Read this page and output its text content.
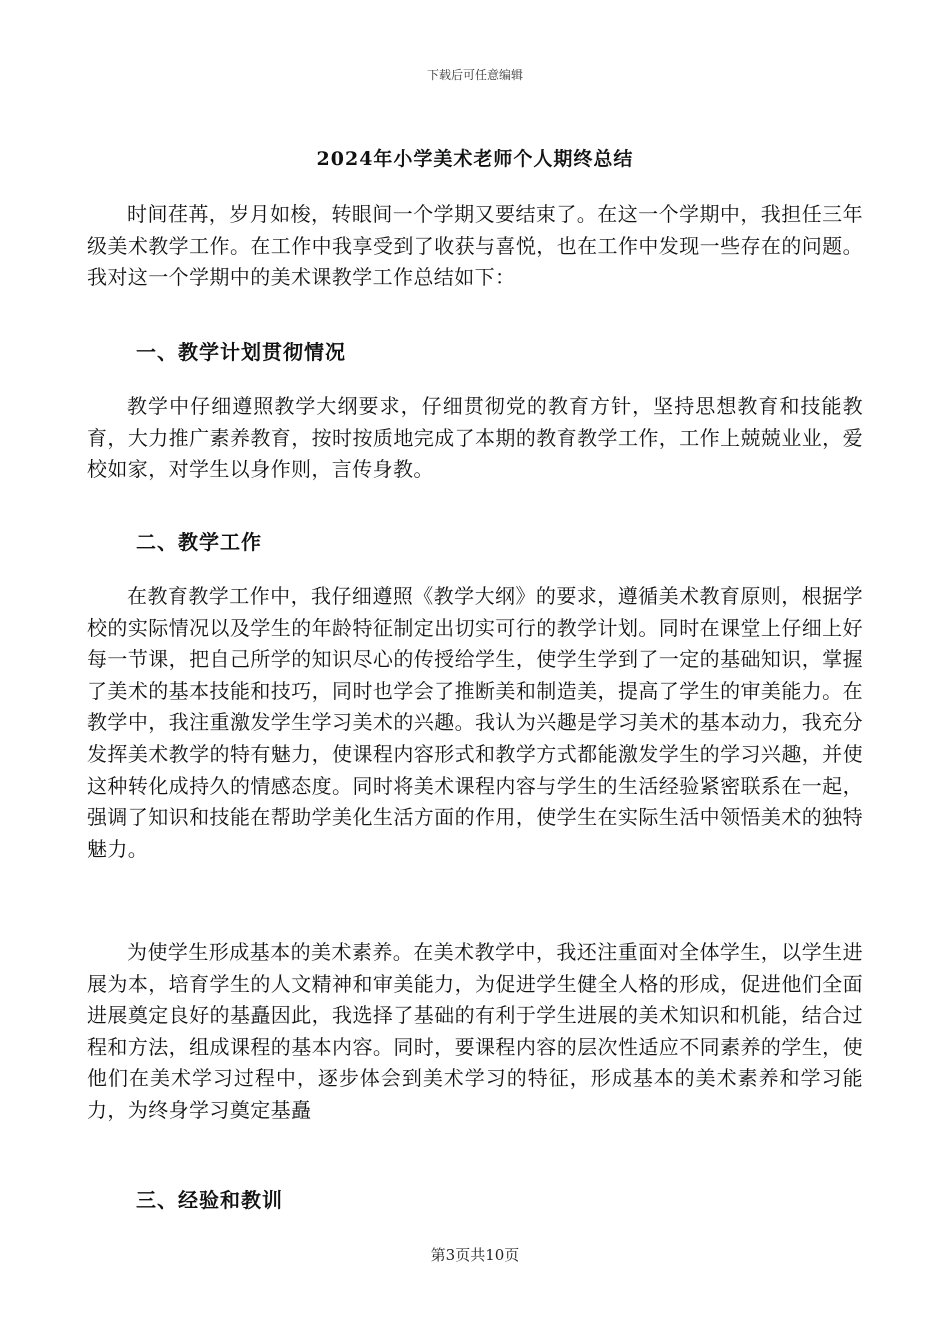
下载后可任意编辑
2024年小学美术老师个人期终总结

时间荏苒，岁月如梭，转眼间一个学期又要结束了。在这一个学期中，我担任三年级美术教学工作。在工作中我享受到了收获与喜悦，也在工作中发现一些存在的问题。我对这一个学期中的美术课教学工作总结如下：

一、教学计划贯彻情况

教学中仔细遵照教学大纲要求，仔细贯彻党的教育方针，坚持思想教育和技能教育，大力推广素养教育，按时按质地完成了本期的教育教学工作，工作上兢兢业业，爱校如家，对学生以身作则，言传身教。

二、教学工作

在教育教学工作中，我仔细遵照《教学大纲》的要求，遵循美术教育原则，根据学校的实际情况以及学生的年龄特征制定出切实可行的教学计划。同时在课堂上仔细上好每一节课，把自己所学的知识尽心的传授给学生，使学生学到了一定的基础知识，掌握了美术的基本技能和技巧，同时也学会了推断美和制造美，提高了学生的审美能力。在教学中，我注重激发学生学习美术的兴趣。我认为兴趣是学习美术的基本动力，我充分发挥美术教学的特有魅力，使课程内容形式和教学方式都能激发学生的学习兴趣，并使这种转化成持久的情感态度。同时将美术课程内容与学生的生活经验紧密联系在一起，强调了知识和技能在帮助学美化生活方面的作用，使学生在实际生活中领悟美术的独特魅力。

为使学生形成基本的美术素养。在美术教学中，我还注重面对全体学生，以学生进展为本，培育学生的人文精神和审美能力，为促进学生健全人格的形成，促进他们全面进展奠定良好的基矗因此，我选择了基础的有利于学生进展的美术知识和机能，结合过程和方法，组成课程的基本内容。同时，要课程内容的层次性适应不同素养的学生，使他们在美术学习过程中，逐步体会到美术学习的特征，形成基本的美术素养和学习能力，为终身学习奠定基矗

三、经验和教训
第3页共10页
